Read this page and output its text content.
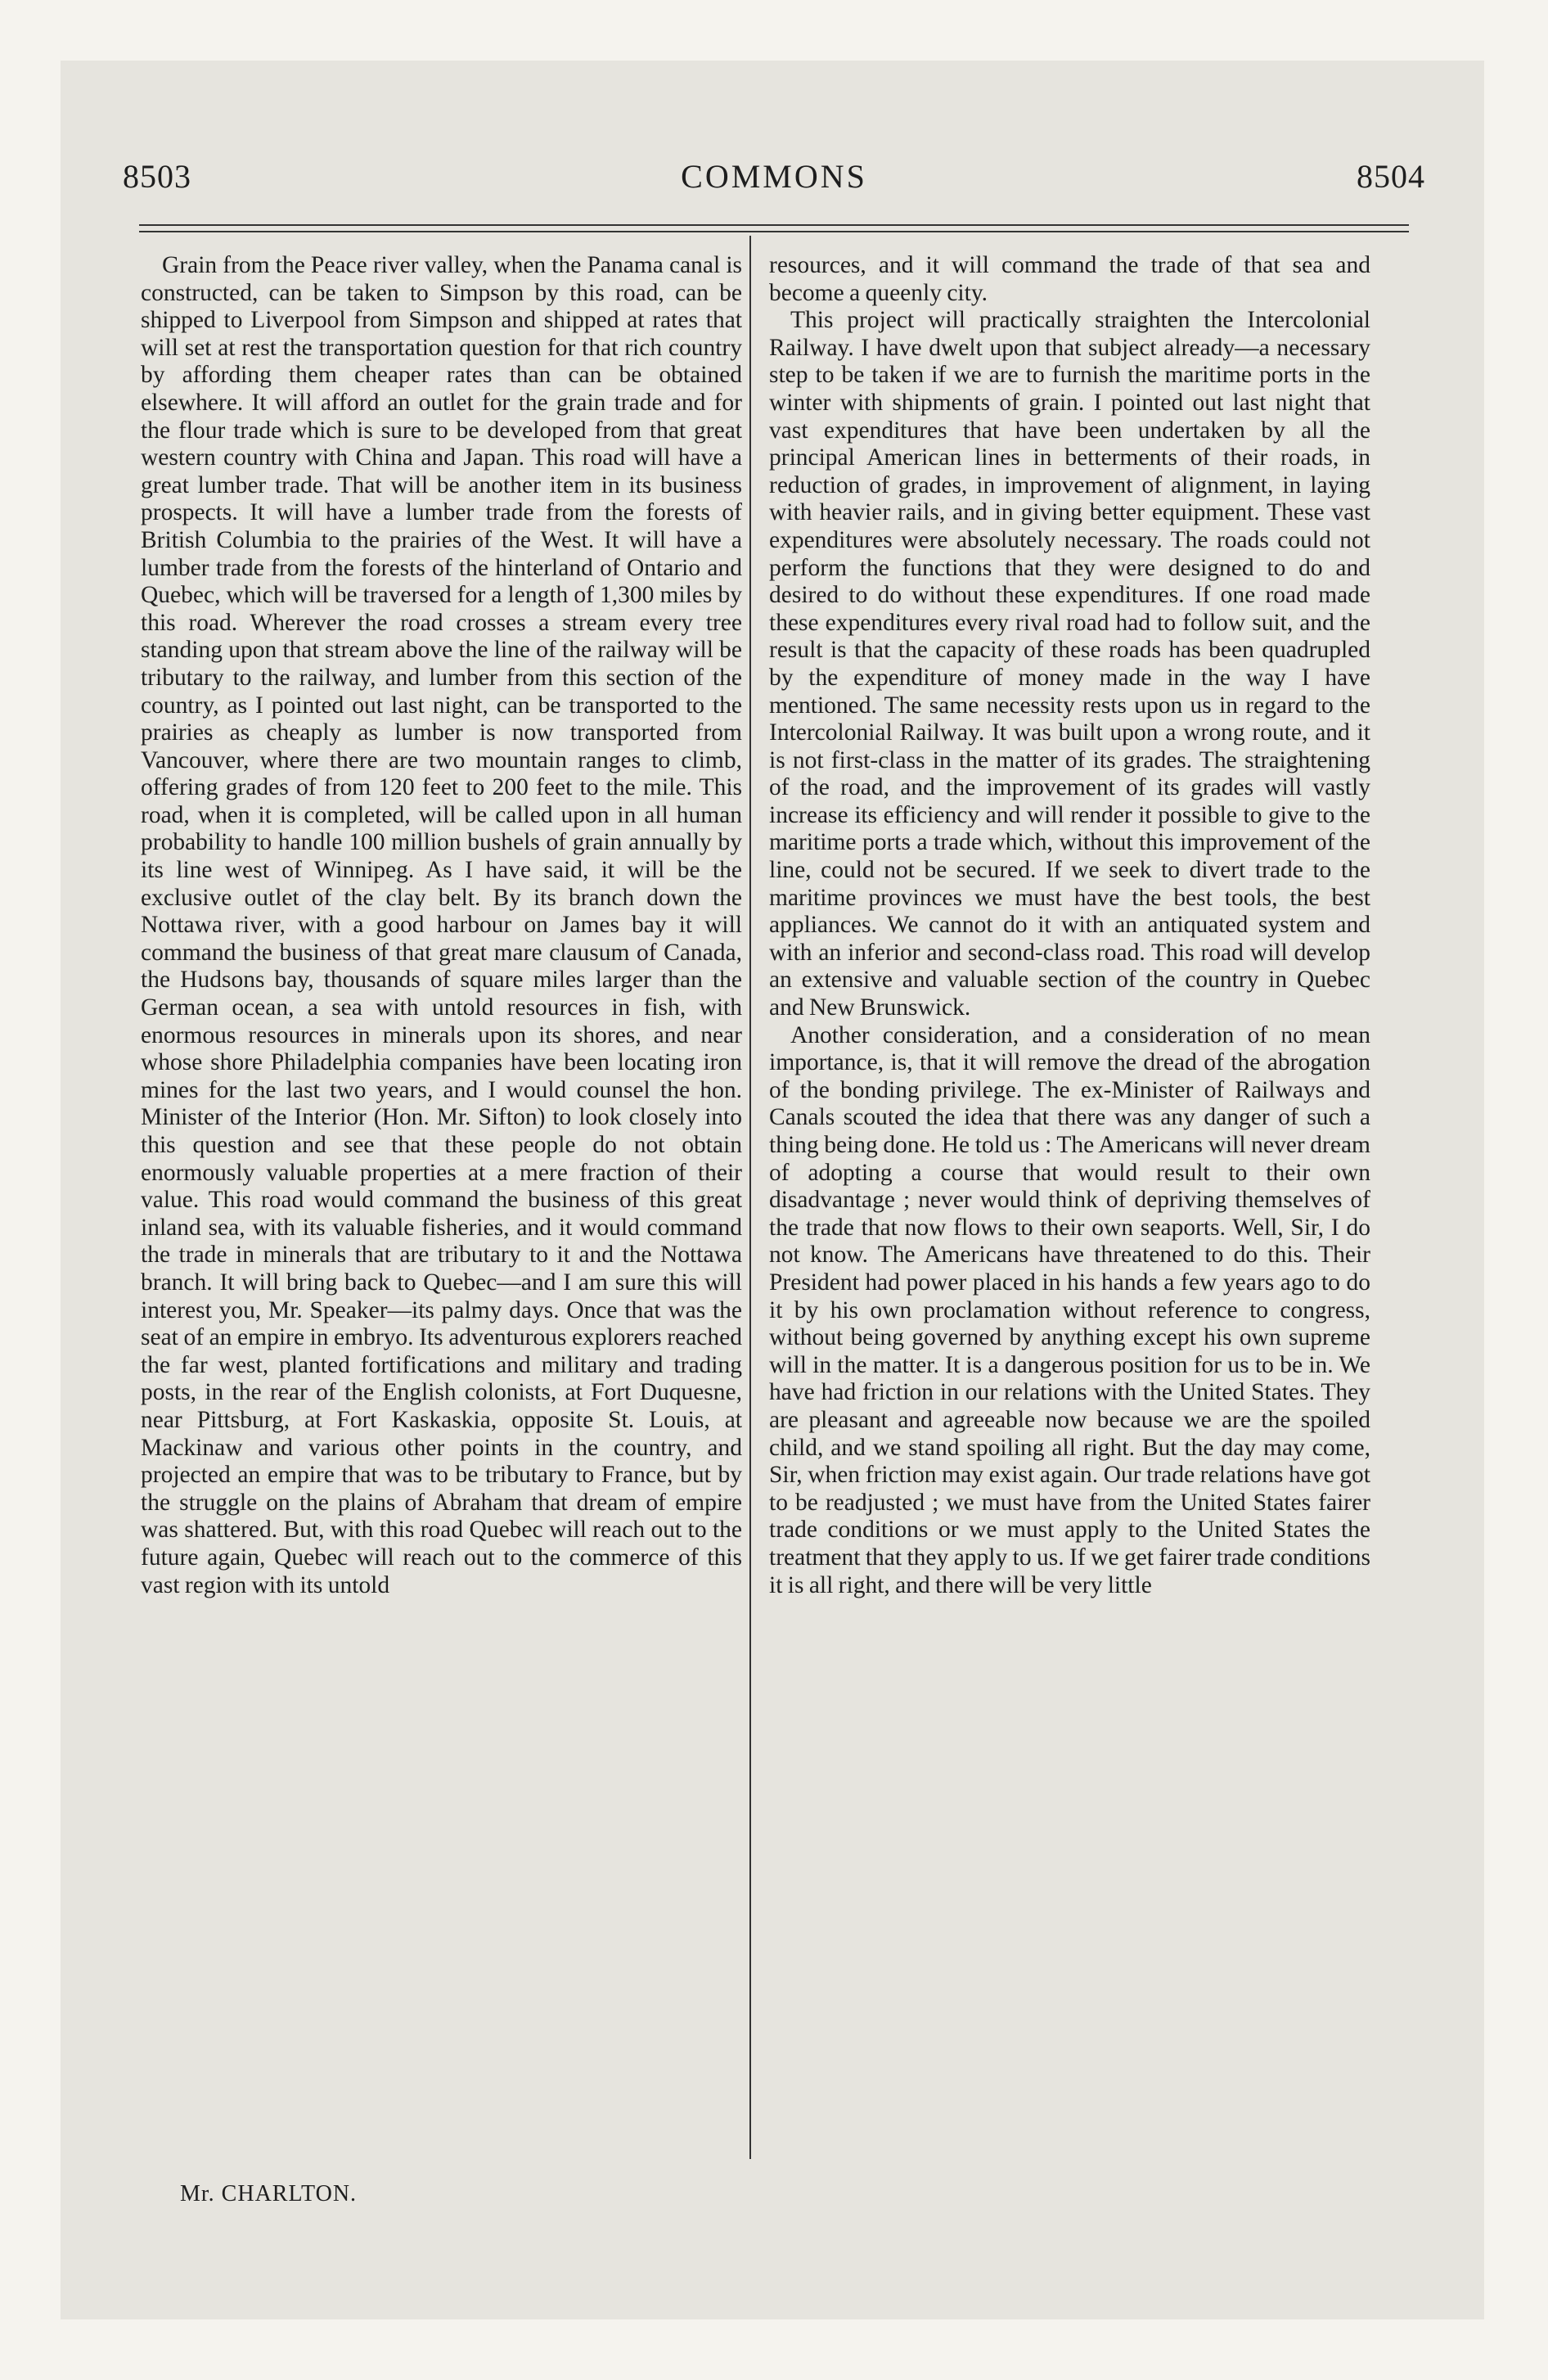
8503	COMMONS	8504

Grain from the Peace river valley, when the Panama canal is constructed, can be taken to Simpson by this road, can be shipped to Liverpool from Simpson and shipped at rates that will set at rest the transportation question for that rich country by affording them cheaper rates than can be obtained elsewhere. It will afford an outlet for the grain trade and for the flour trade which is sure to be developed from that great western country with China and Japan. This road will have a great lumber trade. That will be another item in its business prospects. It will have a lumber trade from the forests of British Columbia to the prairies of the West. It will have a lumber trade from the forests of the hinterland of Ontario and Quebec, which will be traversed for a length of 1,300 miles by this road. Wherever the road crosses a stream every tree standing upon that stream above the line of the railway will be tributary to the railway, and lumber from this section of the country, as I pointed out last night, can be transported to the prairies as cheaply as lumber is now transported from Vancouver, where there are two mountain ranges to climb, offering grades of from 120 feet to 200 feet to the mile. This road, when it is completed, will be called upon in all human probability to handle 100 million bushels of grain annually by its line west of Winnipeg. As I have said, it will be the exclusive outlet of the clay belt. By its branch down the Nottawa river, with a good harbour on James bay it will command the business of that great mare clausum of Canada, the Hudsons bay, thousands of square miles larger than the German ocean, a sea with untold resources in fish, with enormous resources in minerals upon its shores, and near whose shore Philadelphia companies have been locating iron mines for the last two years, and I would counsel the hon. Minister of the Interior (Hon. Mr. Sifton) to look closely into this question and see that these people do not obtain enormously valuable properties at a mere fraction of their value. This road would command the business of this great inland sea, with its valuable fisheries, and it would command the trade in minerals that are tributary to it and the Nottawa branch. It will bring back to Quebec—and I am sure this will interest you, Mr. Speaker—its palmy days. Once that was the seat of an empire in embryo. Its adventurous explorers reached the far west, planted fortifications and military and trading posts, in the rear of the English colonists, at Fort Duquesne, near Pittsburg, at Fort Kaskaskia, opposite St. Louis, at Mackinaw and various other points in the country, and projected an empire that was to be tributary to France, but by the struggle on the plains of Abraham that dream of empire was shattered. But, with this road Quebec will reach out to the future again, Quebec will reach out to the commerce of this vast region with its untold

resources, and it will command the trade of that sea and become a queenly city.

This project will practically straighten the Intercolonial Railway. I have dwelt upon that subject already—a necessary step to be taken if we are to furnish the maritime ports in the winter with shipments of grain. I pointed out last night that vast expenditures that have been undertaken by all the principal American lines in betterments of their roads, in reduction of grades, in improvement of alignment, in laying with heavier rails, and in giving better equipment. These vast expenditures were absolutely necessary. The roads could not perform the functions that they were designed to do and desired to do without these expenditures. If one road made these expenditures every rival road had to follow suit, and the result is that the capacity of these roads has been quadrupled by the expenditure of money made in the way I have mentioned. The same necessity rests upon us in regard to the Intercolonial Railway. It was built upon a wrong route, and it is not first-class in the matter of its grades. The straightening of the road, and the improvement of its grades will vastly increase its efficiency and will render it possible to give to the maritime ports a trade which, without this improvement of the line, could not be secured. If we seek to divert trade to the maritime provinces we must have the best tools, the best appliances. We cannot do it with an antiquated system and with an inferior and second-class road. This road will develop an extensive and valuable section of the country in Quebec and New Brunswick.

Another consideration, and a consideration of no mean importance, is, that it will remove the dread of the abrogation of the bonding privilege. The ex-Minister of Railways and Canals scouted the idea that there was any danger of such a thing being done. He told us : The Americans will never dream of adopting a course that would result to their own disadvantage ; never would think of depriving themselves of the trade that now flows to their own seaports. Well, Sir, I do not know. The Americans have threatened to do this. Their President had power placed in his hands a few years ago to do it by his own proclamation without reference to congress, without being governed by anything except his own supreme will in the matter. It is a dangerous position for us to be in. We have had friction in our relations with the United States. They are pleasant and agreeable now because we are the spoiled child, and we stand spoiling all right. But the day may come, Sir, when friction may exist again. Our trade relations have got to be readjusted ; we must have from the United States fairer trade conditions or we must apply to the United States the treatment that they apply to us. If we get fairer trade conditions it is all right, and there will be very little

Mr. CHARLTON.
